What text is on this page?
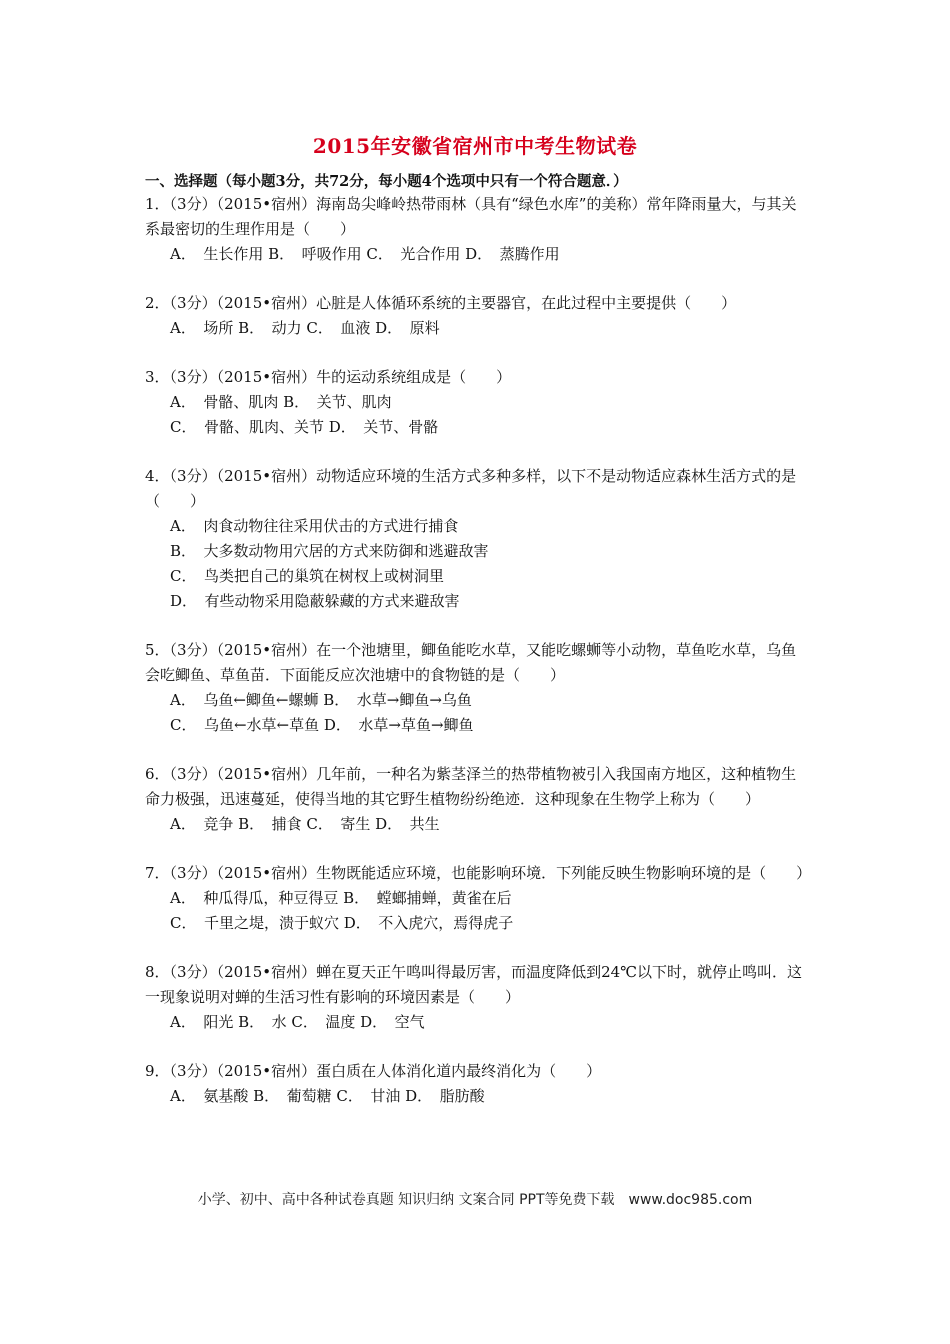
2015年安徽省宿州市中考生物试卷
一、选择题（每小题3分，共72分，每小题4个选项中只有一个符合题意．）
1．（3分）（2015•宿州）海南岛尖峰岭热带雨林（具有“绿色水库”的美称）常年降雨量大，与其关系最密切的生理作用是（　　）
A．　生长作用 B．　呼吸作用 C．　光合作用 D．　蒸腾作用
2．（3分）（2015•宿州）心脏是人体循环系统的主要器官，在此过程中主要提供（　　）
A．　场所 B．　动力 C．　血液 D．　原料
3．（3分）（2015•宿州）牛的运动系统组成是（　　）
A．　骨骼、肌肉 B．　关节、肌肉
C．　骨骼、肌肉、关节 D．　关节、骨骼
4．（3分）（2015•宿州）动物适应环境的生活方式多种多样，以下不是动物适应森林生活方式的是（　　）
A．　肉食动物往往采用伏击的方式进行捕食
B．　大多数动物用穴居的方式来防御和逃避敌害
C．　鸟类把自己的巢筑在树杈上或树洞里
D．　有些动物采用隐蔽躲藏的方式来避敌害
5．（3分）（2015•宿州）在一个池塘里，鲫鱼能吃水草，又能吃螺蛳等小动物，草鱼吃水草，乌鱼会吃鲫鱼、草鱼苗．下面能反应次池塘中的食物链的是（　　）
A．　乌鱼←鲫鱼←螺蛳 B．　水草→鲫鱼→乌鱼
C．　乌鱼←水草←草鱼 D．　水草→草鱼→鲫鱼
6．（3分）（2015•宿州）几年前，一种名为紫茎泽兰的热带植物被引入我国南方地区，这种植物生命力极强，迅速蔓延，使得当地的其它野生植物纷纷绝迹．这种现象在生物学上称为（　　）
A．　竞争 B．　捕食 C．　寄生 D．　共生
7．（3分）（2015•宿州）生物既能适应环境，也能影响环境．下列能反映生物影响环境的是（　　）
A．　种瓜得瓜，种豆得豆 B．　螳螂捕蝉，黄雀在后
C．　千里之堤，溃于蚁穴 D．　不入虎穴，焉得虎子
8．（3分）（2015•宿州）蝉在夏天正午鸣叫得最厉害，而温度降低到24℃以下时，就停止鸣叫．这一现象说明对蝉的生活习性有影响的环境因素是（　　）
A．　阳光 B．　水 C．　温度 D．　空气
9．（3分）（2015•宿州）蛋白质在人体消化道内最终消化为（　　）
A．　氨基酸 B．　葡萄糖 C．　甘油 D．　脂肪酸
小学、初中、高中各种试卷真题 知识归纳 文案合同 PPT等免费下载　www.doc985.com
